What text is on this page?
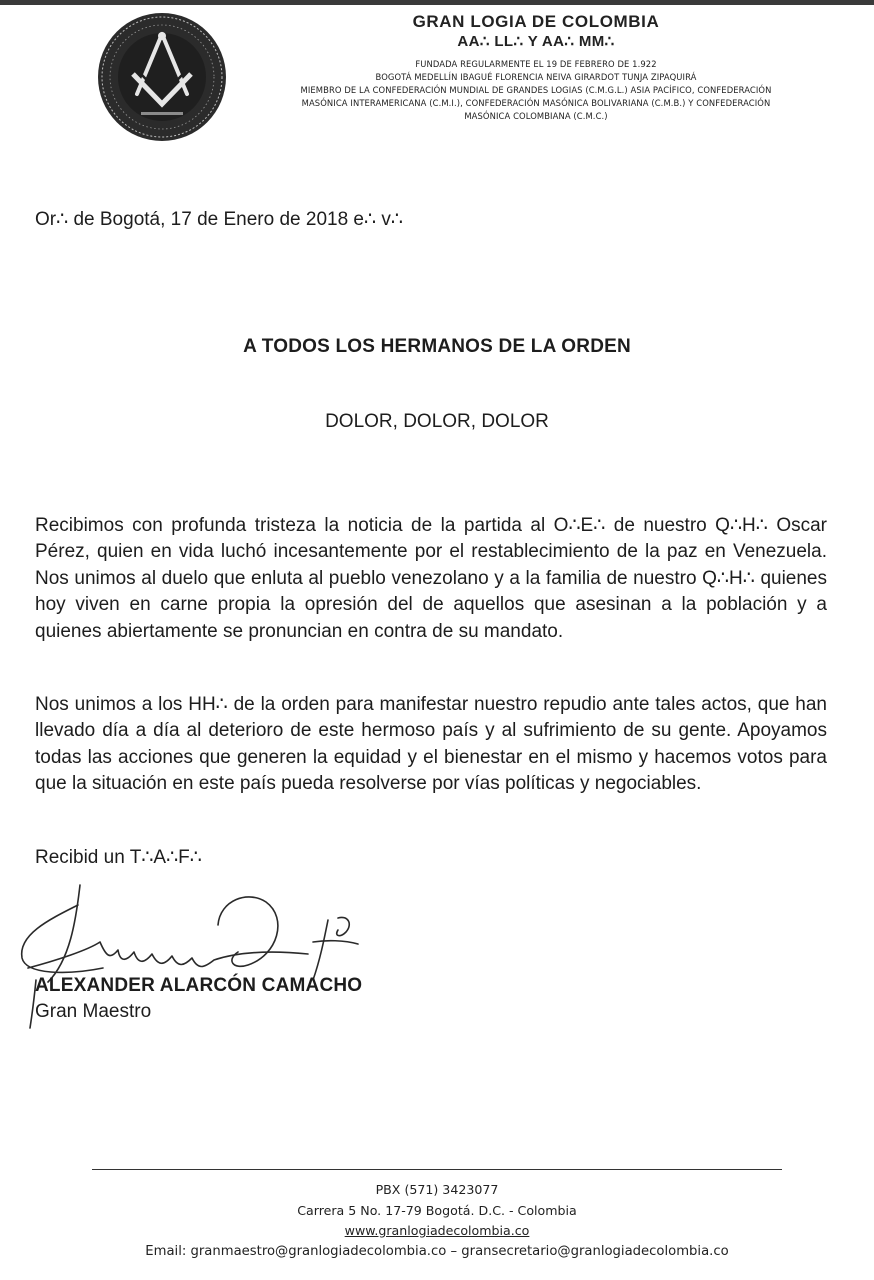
GRAN LOGIA DE COLOMBIA
AA∴ LL∴ Y AA∴ MM∴
FUNDADA REGULARMENTE EL 19 DE FEBRERO DE 1.922
BOGOTÁ MEDELLÍN IBAGUÉ FLORENCIA NEIVA GIRARDOT TUNJA ZIPAQUIRÁ
MIEMBRO DE LA CONFEDERACIÓN MUNDIAL DE GRANDES LOGIAS (C.M.G.L.) ASIA PACÍFICO, CONFEDERACIÓN
MASÓNICA INTERAMERICANA (C.M.I.), CONFEDERACIÓN MASÓNICA BOLIVARIANA (C.M.B.) Y CONFEDERACIÓN
MASÓNICA COLOMBIANA (C.M.C.)
Or∴ de Bogotá, 17 de Enero de 2018 e∴ v∴
A TODOS LOS HERMANOS DE LA ORDEN
DOLOR, DOLOR, DOLOR
Recibimos con profunda tristeza la noticia de la partida al O∴E∴ de nuestro Q∴H∴ Oscar Pérez, quien en vida luchó incesantemente por el restablecimiento de la paz en Venezuela. Nos unimos al duelo que enluta al pueblo venezolano y a la familia de nuestro Q∴H∴ quienes hoy viven en carne propia la opresión del de aquellos que asesinan a la población y a quienes abiertamente se pronuncian en contra de su mandato.
Nos unimos a los HH∴ de la orden para manifestar nuestro repudio ante tales actos, que han llevado día a día al deterioro de este hermoso país y al sufrimiento de su gente. Apoyamos todas las acciones que generen la equidad y el bienestar en el mismo y hacemos votos para que la situación en este país pueda resolverse por vías políticas y negociables.
Recibid un T∴A∴F∴
ALEXANDER ALARCÓN CAMACHO
Gran Maestro
PBX (571) 3423077
Carrera 5 No. 17-79 Bogotá. D.C. - Colombia
www.granlogiadecolombia.co
Email: granmaestro@granlogiadecolombia.co – gransecretario@granlogiadecolombia.co
